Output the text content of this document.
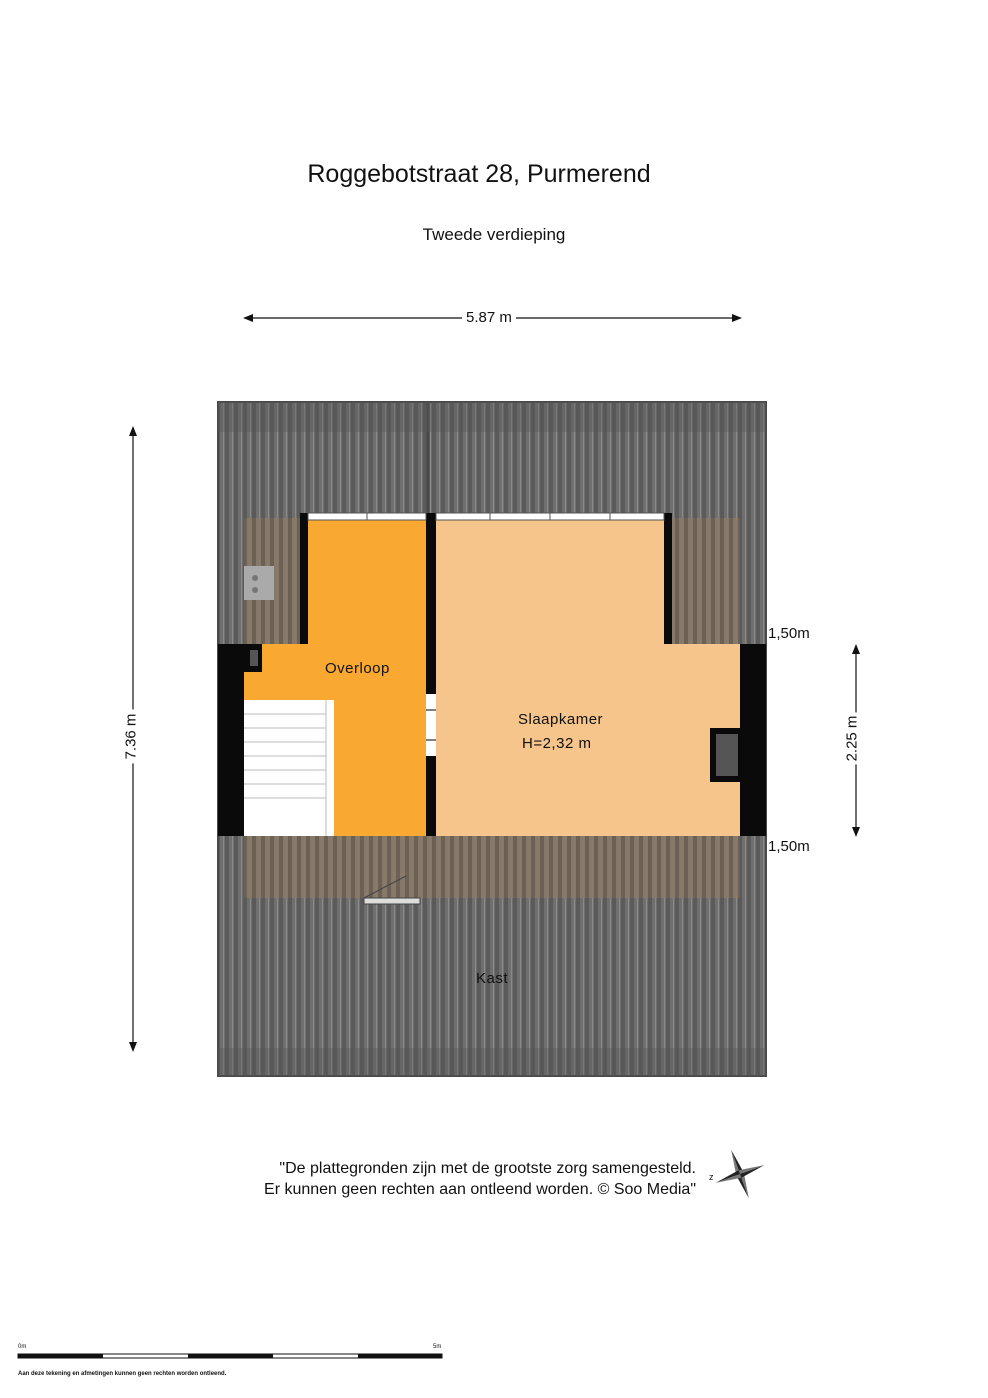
Roggebotstraat 28, Purmerend
Tweede verdieping
5.87 m
7.36 m	2.25 m
1,50m
1,50m
Overloop
Slaapkamer
H=2,32 m
Kast
"De plattegronden zijn met de grootste zorg samengesteld.
Er kunnen geen rechten aan ontleend worden. © Soo Media"
z
0m	5m
Aan deze tekening en afmetingen kunnen geen rechten worden ontleend.
